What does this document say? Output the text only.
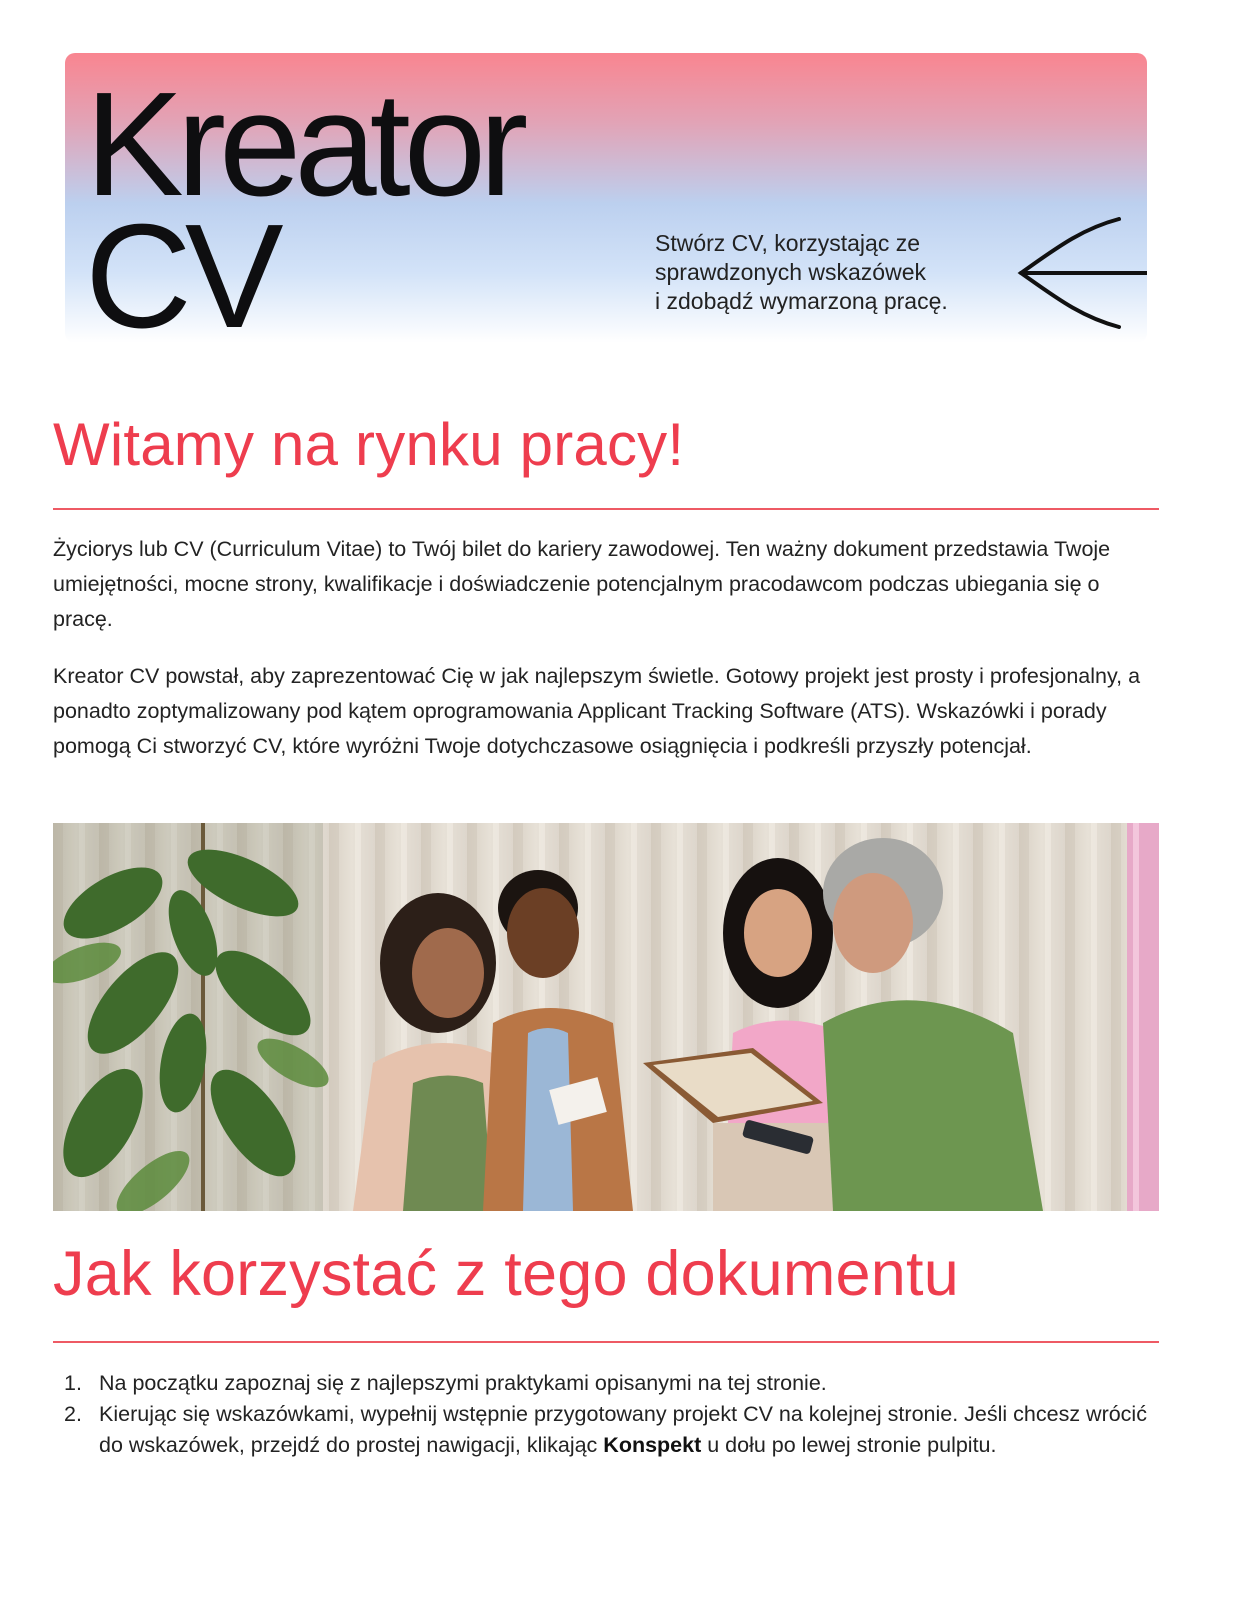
Kreator
CV	Stwórz CV, korzystając ze
sprawdzonych wskazówek
i zdobądź wymarzoną pracę.
Witamy na rynku pracy!

Życiorys lub CV (Curriculum Vitae) to Twój bilet do kariery zawodowej. Ten ważny dokument przedstawia Twoje umiejętności, mocne strony, kwalifikacje i doświadczenie potencjalnym pracodawcom podczas ubiegania się o pracę.

Kreator CV powstał, aby zaprezentować Cię w jak najlepszym świetle. Gotowy projekt jest prosty i profesjonalny, a ponadto zoptymalizowany pod kątem oprogramowania Applicant Tracking Software (ATS). Wskazówki i porady pomogą Ci stworzyć CV, które wyróżni Twoje dotychczasowe osiągnięcia i podkreśli przyszły potencjał.

Jak korzystać z tego dokumentu
1. Na początku zapoznaj się z najlepszymi praktykami opisanymi na tej stronie.
2. Kierując się wskazówkami, wypełnij wstępnie przygotowany projekt CV na kolejnej stronie. Jeśli chcesz wrócić do wskazówek, przejdź do prostej nawigacji, klikając Konspekt u dołu po lewej stronie pulpitu.
